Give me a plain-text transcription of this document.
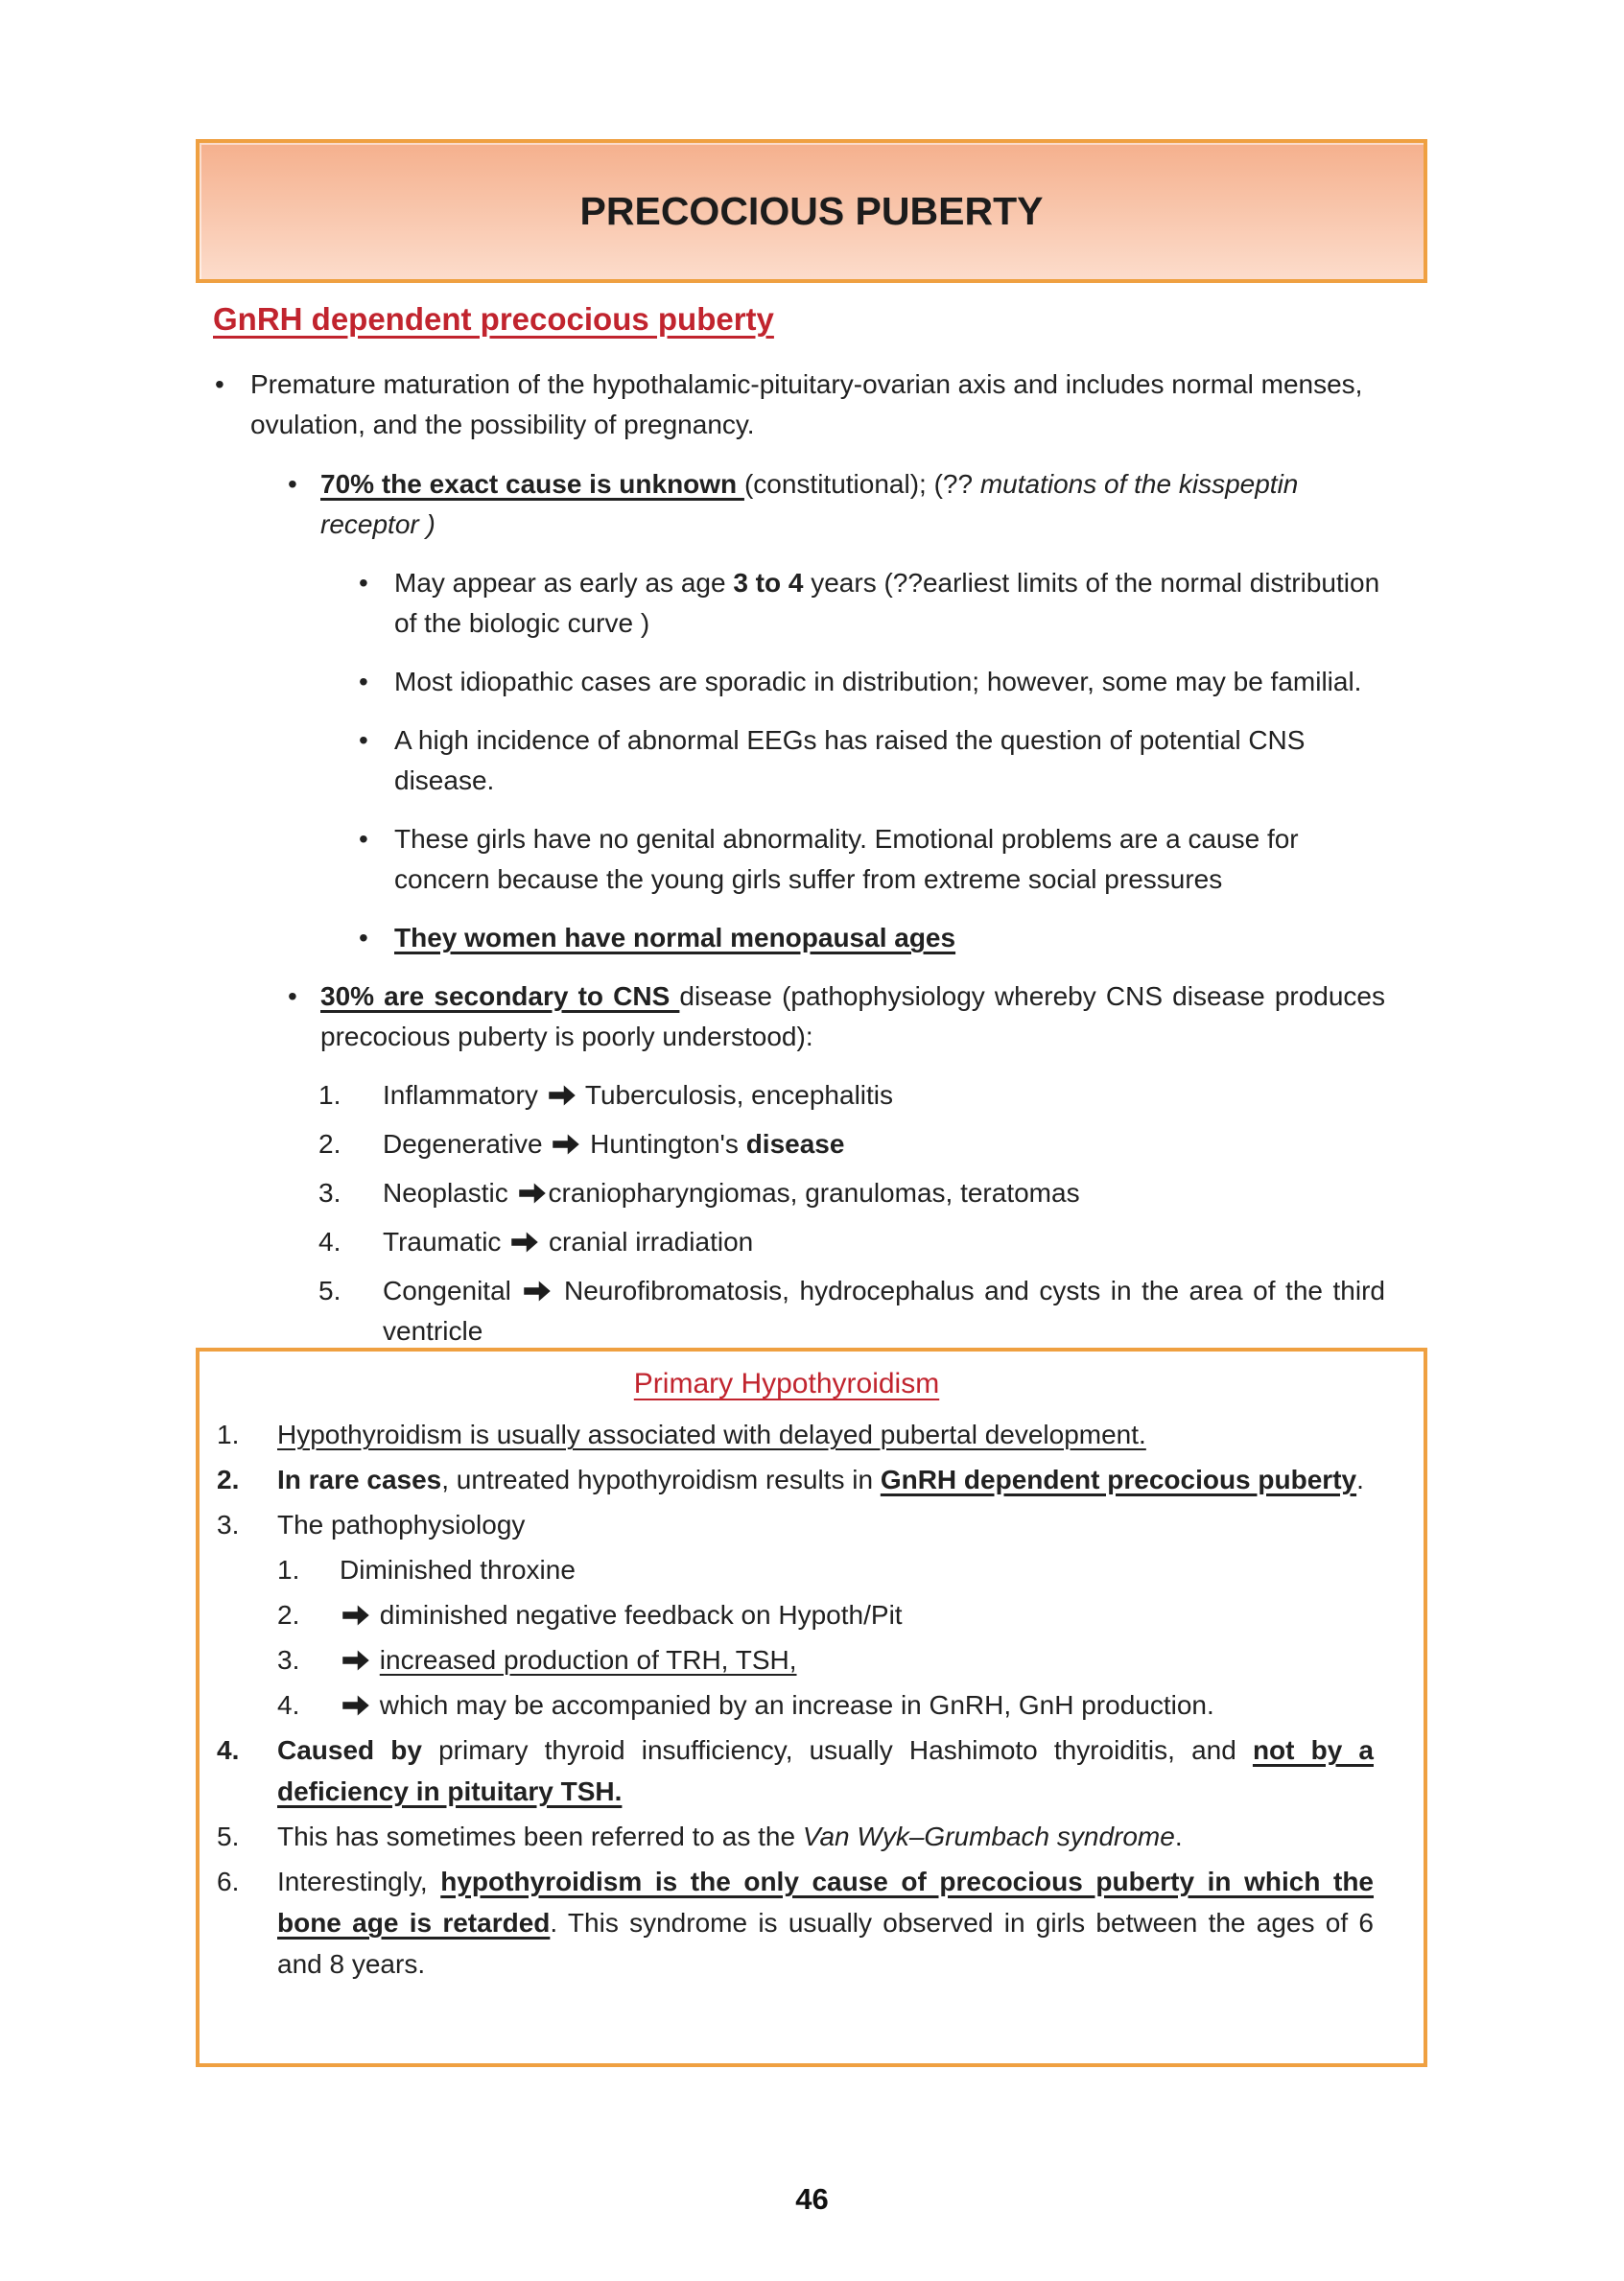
PRECOCIOUS PUBERTY
GnRH dependent precocious puberty
• Premature maturation of the hypothalamic-pituitary-ovarian axis and includes normal menses, ovulation, and the possibility of pregnancy.
• 70% the exact cause is unknown (constitutional); (?? mutations of the kisspeptin receptor )
• May appear as early as age 3 to 4 years (??earliest limits of the normal distribution of the biologic curve )
• Most idiopathic cases are sporadic in distribution; however, some may be familial.
• A high incidence of abnormal EEGs has raised the question of potential CNS disease.
• These girls have no genital abnormality. Emotional problems are a cause for concern because the young girls suffer from extreme social pressures
• They women have normal menopausal ages
• 30% are secondary to CNS disease (pathophysiology whereby CNS disease produces precocious puberty is poorly understood):
1. Inflammatory  Tuberculosis, encephalitis
2. Degenerative  Huntington's disease
3. Neoplastic craniopharyngiomas, granulomas, teratomas
4. Traumatic  cranial irradiation
5. Congenital  Neurofibromatosis, hydrocephalus and cysts in the area of the third ventricle
Primary Hypothyroidism
1. Hypothyroidism is usually associated with delayed pubertal development.
2. In rare cases, untreated hypothyroidism results in GnRH dependent precocious puberty.
3. The pathophysiology
1. Diminished throxine
2.	diminished negative feedback on Hypoth/Pit
3.	increased production of TRH, TSH,
4.	which may be accompanied by an increase in GnRH, GnH production.
4. Caused by primary thyroid insufficiency, usually Hashimoto thyroiditis, and not by a deficiency in pituitary TSH.
5. This has sometimes been referred to as the Van Wyk–Grumbach syndrome.
6. Interestingly, hypothyroidism is the only cause of precocious puberty in which the bone age is retarded. This syndrome is usually observed in girls between the ages of 6 and 8 years.
46
